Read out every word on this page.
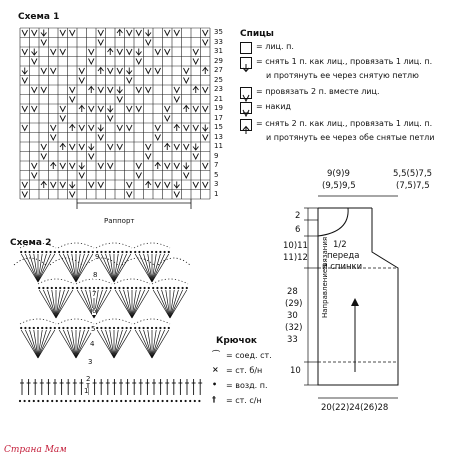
Схема 1
35
33
31
29
27
25
23
21
19
17
15
13
11
9
7
5
3
1
Раппорт
Спицы
= лиц. п.
= снять 1 п. как лиц., провязать 1 лиц. п.
и протянуть ее через снятую петлю
= провязать 2 п. вместе лиц.
= накид
= снять 2 п. как лиц., провязать 1 лиц. п.
и протянуть ее через обе снятые петли
Схема 2
9
8
7
6
5
4
3
2
1
Крючок
⌒ = соед. ст.
× = ст. б/н
• = возд. п.
† = ст. с/н
9(9)9
(9,5)9,5
5,5(5)7,5
(7,5)7,5
2
6
10)11
11)12
28
(29)
30
(32)
33
10
1/2
переда
и спинки
Направление вязания
20(22)24(26)28
Страна Мам
